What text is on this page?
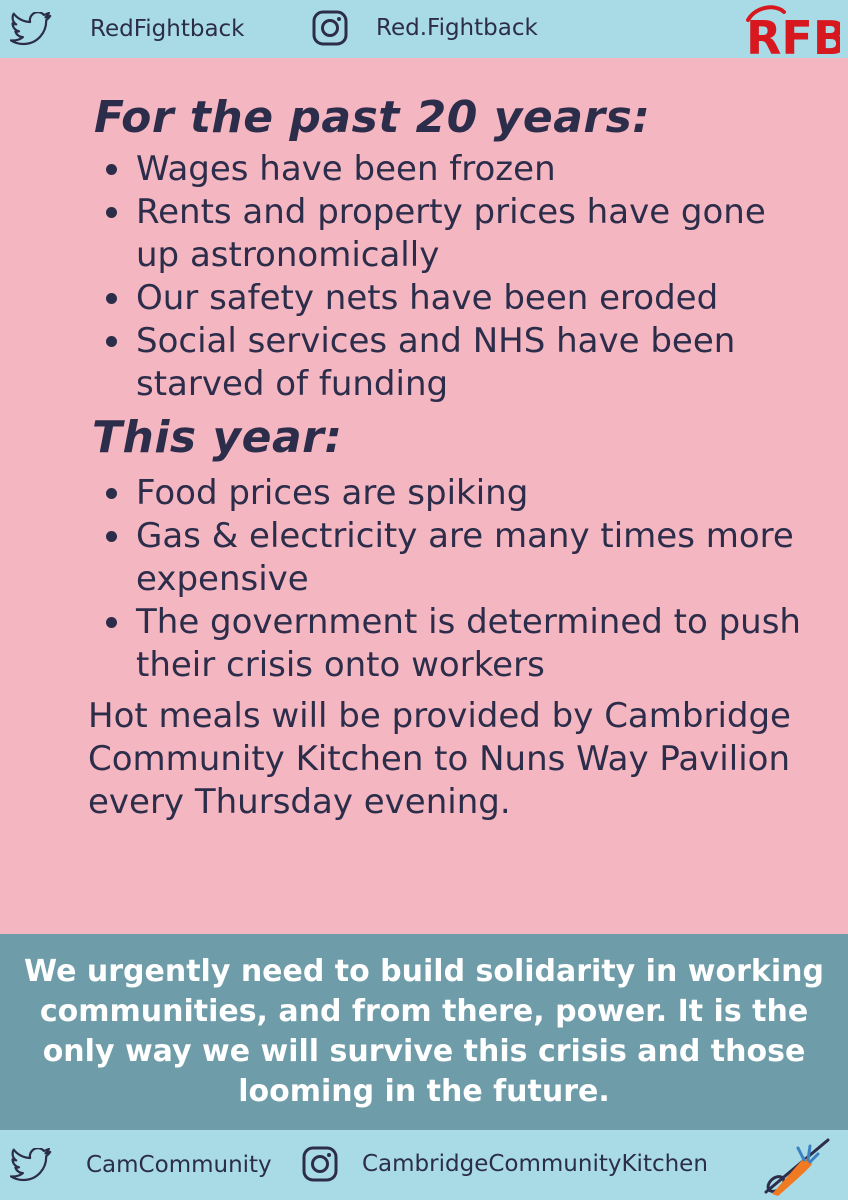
RedFightback	Red.Fightback	RFB
For the past 20 years:
Wages have been frozen
Rents and property prices have gone up astronomically
Our safety nets have been eroded
Social services and NHS have been starved of funding
This year:
Food prices are spiking
Gas & electricity are many times more expensive
The government is determined to push their crisis onto workers

Hot meals will be provided by Cambridge Community Kitchen to Nuns Way Pavilion every Thursday evening.

We urgently need to build solidarity in working communities, and from there, power. It is the only way we will survive this crisis and those looming in the future.

CamCommunity	CambridgeCommunityKitchen
